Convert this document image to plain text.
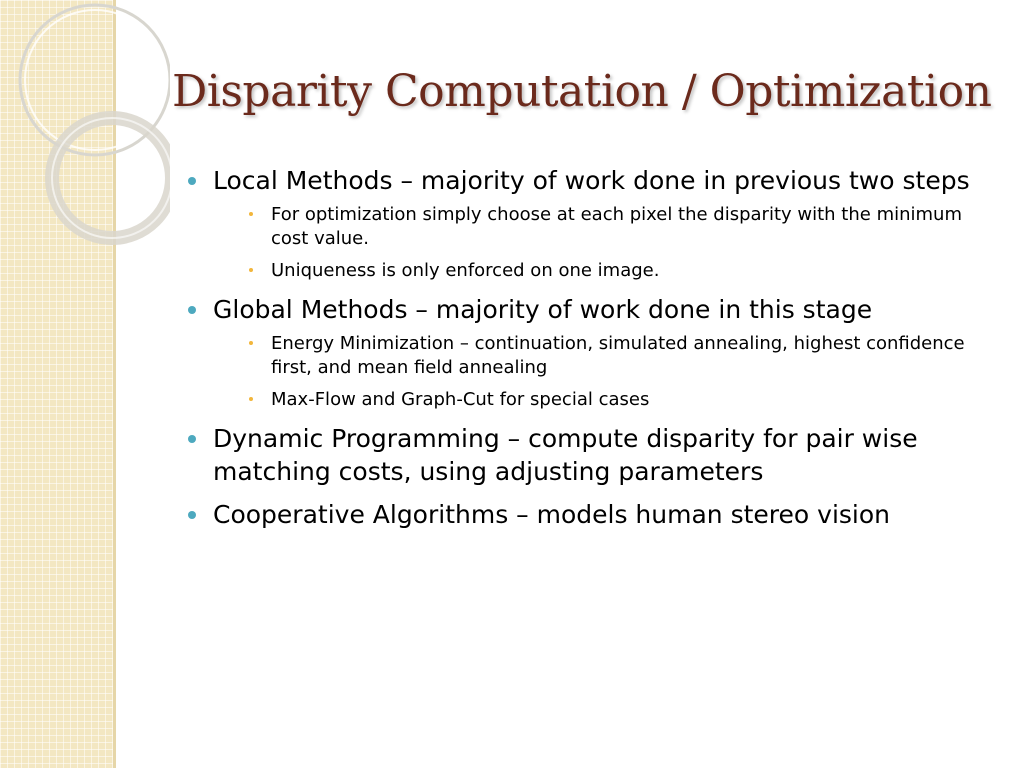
Disparity Computation / Optimization
Local Methods – majority of work done in previous two steps
For optimization simply choose at each pixel the disparity with the minimum cost value.
Uniqueness is only enforced on one image.
Global Methods – majority of work done in this stage
Energy Minimization – continuation, simulated annealing, highest confidence first, and mean field annealing
Max-Flow and Graph-Cut for special cases
Dynamic Programming – compute disparity for pair wise matching costs, using adjusting parameters
Cooperative Algorithms – models human stereo vision
